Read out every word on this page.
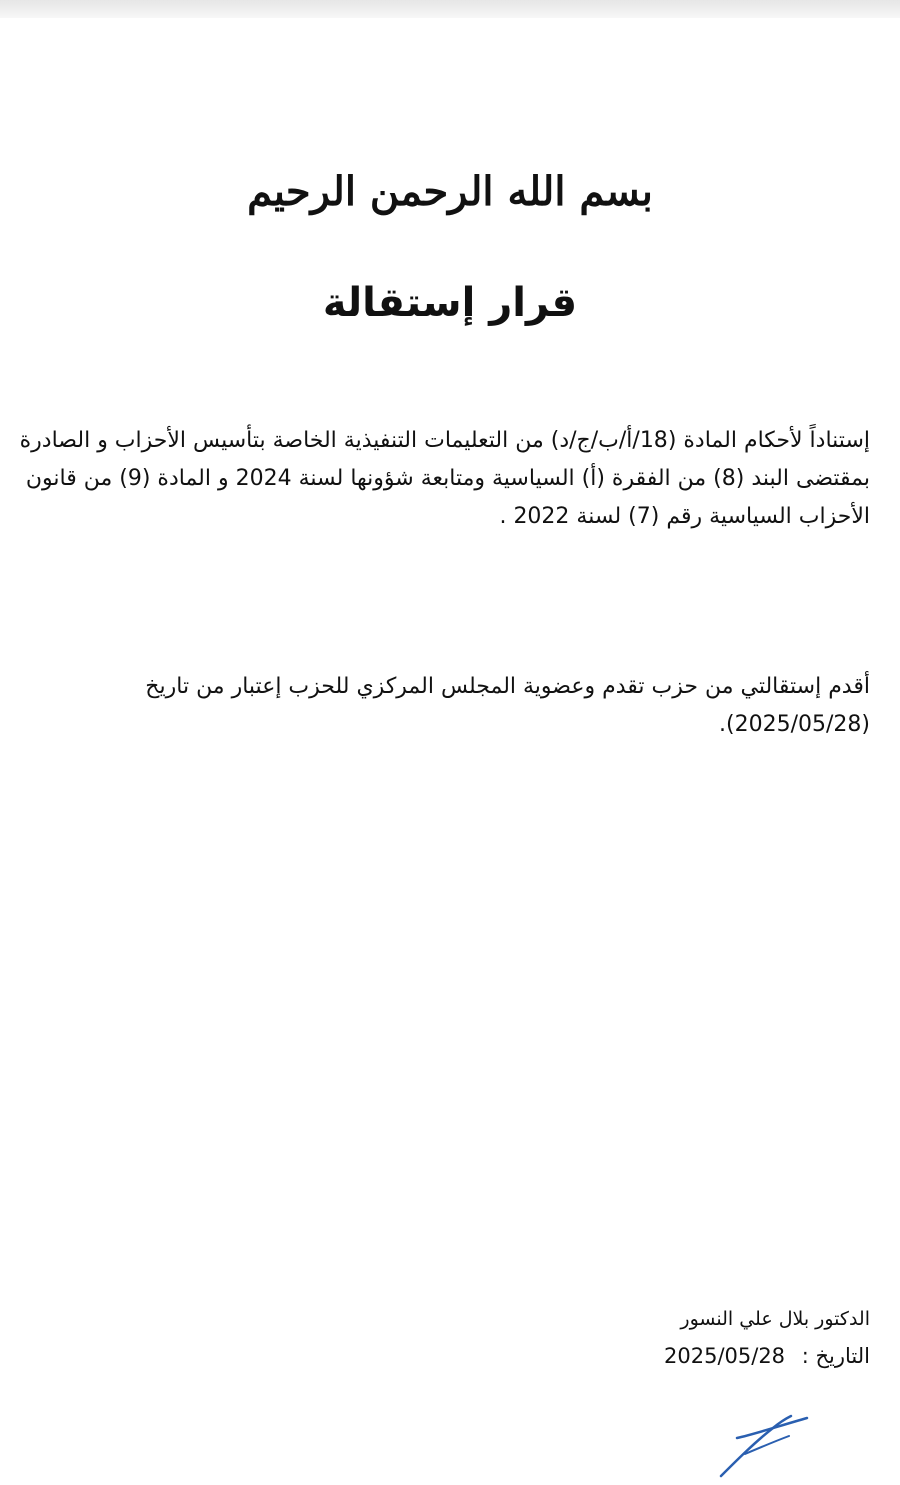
بسم الله الرحمن الرحيم
قرار إستقالة

إستناداً لأحكام المادة (18/أ/ب/ج/د) من التعليمات التنفيذية الخاصة بتأسيس الأحزاب و الصادرة بمقتضى البند (8) من الفقرة (أ) السياسية ومتابعة شؤونها لسنة 2024 و المادة (9) من قانون الأحزاب السياسية رقم (7) لسنة 2022 .

أقدم إستقالتي من حزب تقدم وعضوية المجلس المركزي للحزب إعتبار من تاريخ (2025/05/28).

الدكتور بلال علي النسور

التاريخ : 2025/05/28
